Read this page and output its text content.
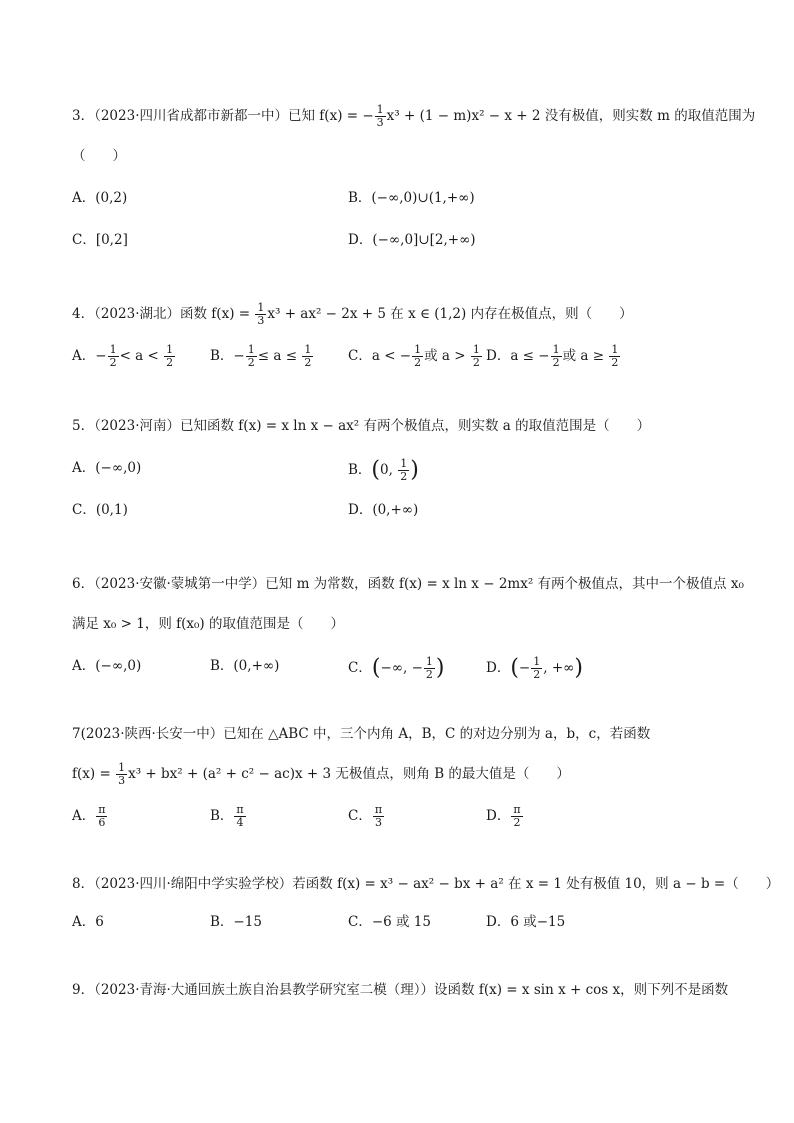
3．（2023·四川省成都市新都一中）已知 f(x) = − $\frac{1}{3} x^3 + (1 - m)x^2 - x + 2$ 没有极值，则实数 m 的取值范围为
（　　）
A．(0,2)	B．(−∞,0)∪(1,+∞)
C．[0,2]	D．(−∞,0]∪[2,+∞)
4．（2023·湖北）函数 $f(x) = \frac{1}{3} x^3 + ax^2 - 2x + 5$ 在 x ∈ (1,2) 内存在极值点，则（　　）
A．− $\frac{1}{2} < a < \frac{1}{2}$	B．− $\frac{1}{2} \le a \le \frac{1}{2}$	C．a < − $\frac{1}{2}$ 或 $a > \frac{1}{2}$ D．a ≤ − $\frac{1}{2}$ 或 $a \ge \frac{1}{2}$
5．（2023·河南）已知函数 f(x) = x ln x − ax² 有两个极值点，则实数 a 的取值范围是（　　）
A．(−∞,0)	B．(0, $\frac{1}{2}$ )
C．(0,1)	D．(0,+∞)
6．（2023·安徽·蒙城第一中学）已知 m 为常数，函数 f(x) = x ln x − 2mx² 有两个极值点，其中一个极值点 x₀
满足 x₀ > 1，则 f(x₀) 的取值范围是（　　）
A．(−∞,0)	B．(0,+∞)	C．(−∞, − $\frac{1}{2}$ )	D．(− $\frac{1}{2}$ , +∞)
7(2023·陕西·长安一中）已知在 △ABC 中，三个内角 A，B，C 的对边分别为 a，b，c，若函数
$f(x) = \frac{1}{3} x^3 + bx^2 + (a^2 + c^2 - ac)x + 3$ 无极值点，则角 B 的最大值是（　　）
A． $\frac{\pi}{6}$	B． $\frac{\pi}{4}$	C． $\frac{\pi}{3}$	D． $\frac{\pi}{2}$
8．（2023·四川·绵阳中学实验学校）若函数 f(x) = x³ − ax² − bx + a² 在 x = 1 处有极值 10，则 a − b =（　　）
A．6	B．−15	C．−6 或 15	D．6 或−15
9．（2023·青海·大通回族土族自治县教学研究室二模（理））设函数 f(x) = x sin x + cos x，则下列不是函数
